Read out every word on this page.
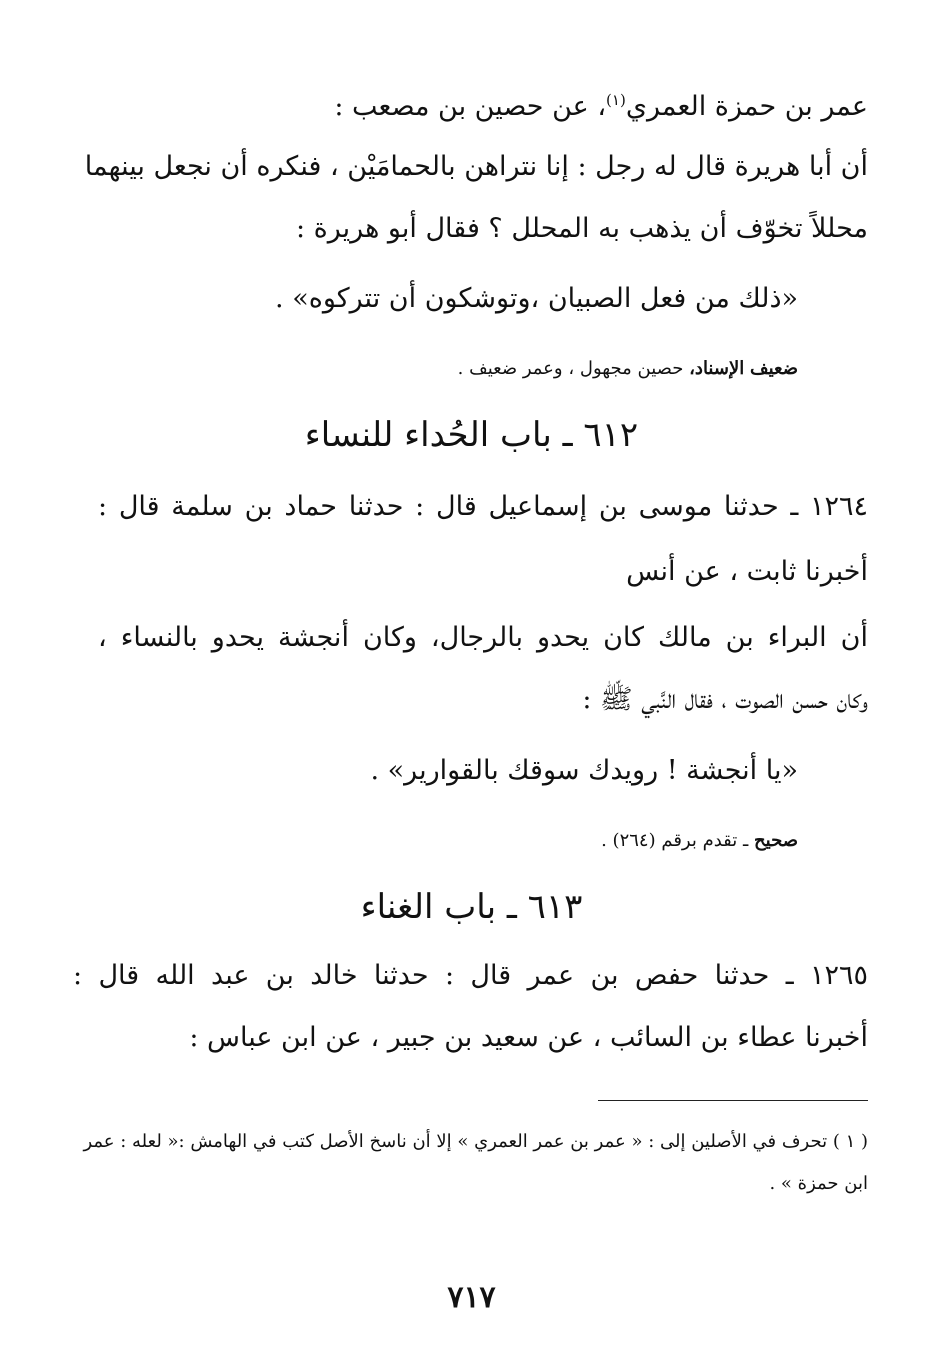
عمر بن حمزة العمري$^{(١)}$، عن حصين بن مصعب :
أن أبا هريرة قال له رجل : إنا نتراهن بالحمامَيْن ، فنكره أن نجعل بينهما
محللاً تخوّف أن يذهب به المحلل ؟ فقال أبو هريرة :
«ذلك من فعل الصبيان ،وتوشكون أن تتركوه» .
ضعيف الإسناد، حصين مجهول ، وعمر ضعيف .
٦١٢ ـ باب الحُداء للنساء
١٢٦٤ ـ حدثنا موسى بن إسماعيل قال : حدثنا حماد بن سلمة قال :
أخبرنا ثابت ، عن أنس
أن البراء بن مالك كان يحدو بالرجال، وكان أنجشة يحدو بالنساء ،
وكان حسن الصوت ، فقال النَّبي ﷺ :
«يا أنجشة ! رويدك سوقك بالقوارير» .
صحيح ـ تقدم برقم (٢٦٤) .
٦١٣ ـ باب الغناء
١٢٦٥ ـ حدثنا حفص بن عمر قال : حدثنا خالد بن عبد الله قال :
أخبرنا عطاء بن السائب ، عن سعيد بن جبير ، عن ابن عباس :
( ١ ) تحرف في الأصلين إلى : « عمر بن عمر العمري » إلا أن ناسخ الأصل كتب في الهامش :« لعله : عمر
ابن حمزة » .
٧١٧
